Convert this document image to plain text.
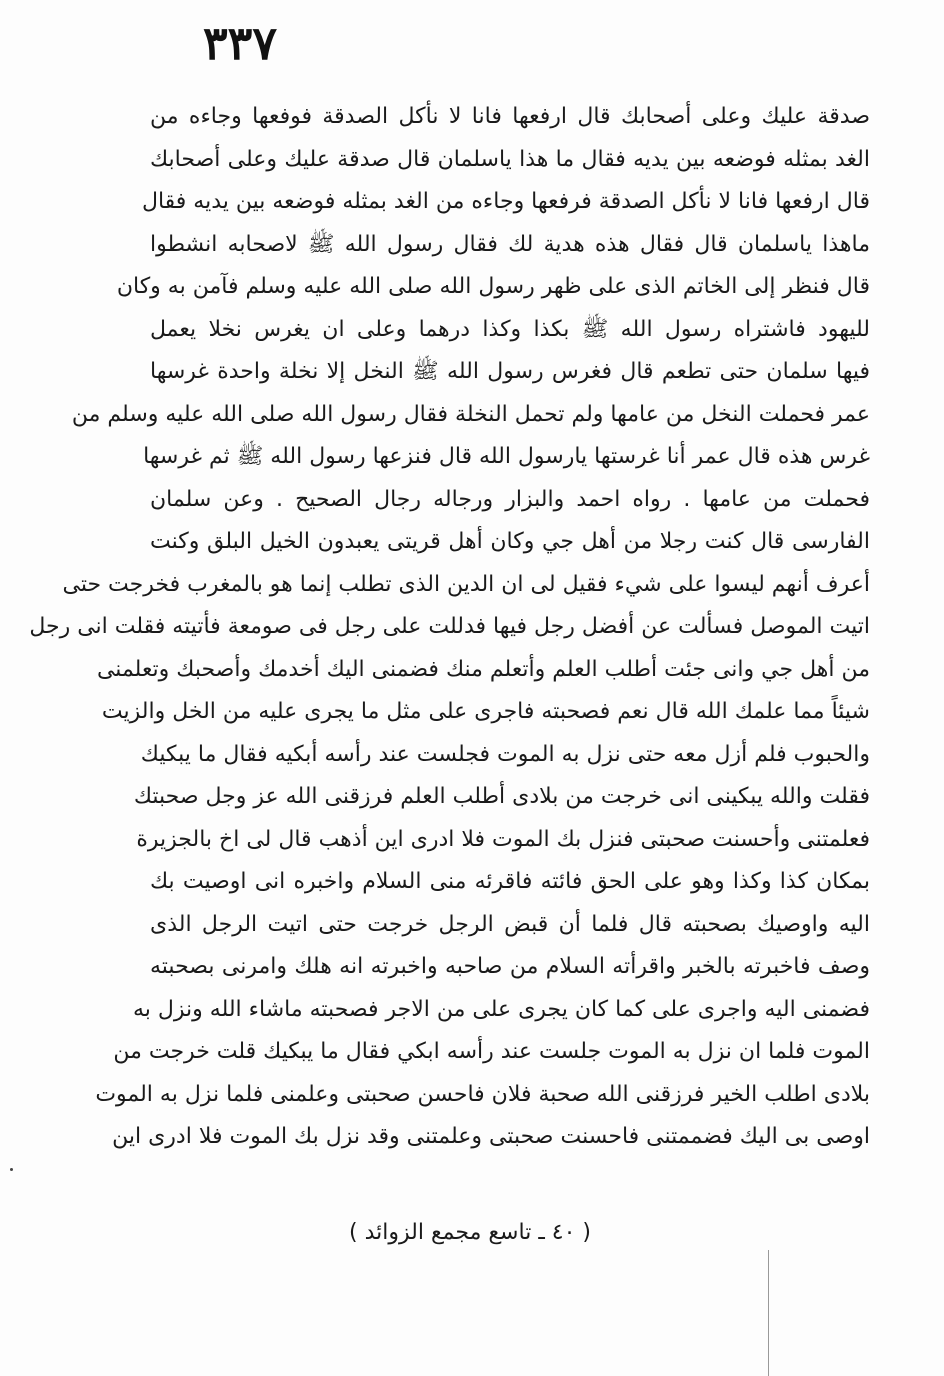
٣٣٧
صدقة عليك وعلى أصحابك قال ارفعها فانا لا نأكل الصدقة فوفعها وجاءه من
الغد بمثله فوضعه بين يديه فقال ما هذا ياسلمان قال صدقة عليك وعلى أصحابك
قال ارفعها فانا لا نأكل الصدقة فرفعها وجاءه من الغد بمثله فوضعه بين يديه فقال
ماهذا ياسلمان قال فقال هذه هدية لك فقال رسول الله ﷺ لاصحابه انشطوا
قال فنظر إلى الخاتم الذى على ظهر رسول الله صلى الله عليه وسلم فآمن به وكان
لليهود فاشتراه رسول الله ﷺ بكذا وكذا درهما وعلى ان يغرس نخلا يعمل
فيها سلمان حتى تطعم قال فغرس رسول الله ﷺ النخل إلا نخلة واحدة غرسها
عمر فحملت النخل من عامها ولم تحمل النخلة فقال رسول الله صلى الله عليه وسلم من
غرس هذه قال عمر أنا غرستها يارسول الله قال فنزعها رسول الله ﷺ ثم غرسها
فحملت من عامها . رواه احمد والبزار ورجاله رجال الصحيح . وعن سلمان
الفارسى قال كنت رجلا من أهل جي وكان أهل قريتى يعبدون الخيل البلق وكنت
أعرف أنهم ليسوا على شيء فقيل لى ان الدين الذى تطلب إنما هو بالمغرب فخرجت حتى
اتيت الموصل فسألت عن أفضل رجل فيها فدللت على رجل فى صومعة فأتيته فقلت انى رجل
من أهل جي وانى جئت أطلب العلم وأتعلم منك فضمنى اليك أخدمك وأصحبك وتعلمنى
شيئاً مما علمك الله قال نعم فصحبته فاجرى على مثل ما يجرى عليه من الخل والزيت
والحبوب فلم أزل معه حتى نزل به الموت فجلست عند رأسه أبكيه فقال ما يبكيك
فقلت والله يبكينى انى خرجت من بلادى أطلب العلم فرزقنى الله عز وجل صحبتك
فعلمتنى وأحسنت صحبتى فنزل بك الموت فلا ادرى اين أذهب قال لى اخ بالجزيرة
بمكان كذا وكذا وهو على الحق فائته فاقرئه منى السلام واخبره انى اوصيت بك
اليه واوصيك بصحبته قال فلما أن قبض الرجل خرجت حتى اتيت الرجل الذى
وصف فاخبرته بالخبر واقرأته السلام من صاحبه واخبرته انه هلك وامرنى بصحبته
فضمنى اليه واجرى على كما كان يجرى على من الاجر فصحبته ماشاء الله ونزل به
الموت فلما ان نزل به الموت جلست عند رأسه ابكي فقال ما يبكيك قلت خرجت من
بلادى اطلب الخير فرزقنى الله صحبة فلان فاحسن صحبتى وعلمنى فلما نزل به الموت
اوصى بى اليك فضممتنى فاحسنت صحبتى وعلمتنى وقد نزل بك الموت فلا ادرى اين
( ٤٠ ـ تاسع مجمع الزوائد )
